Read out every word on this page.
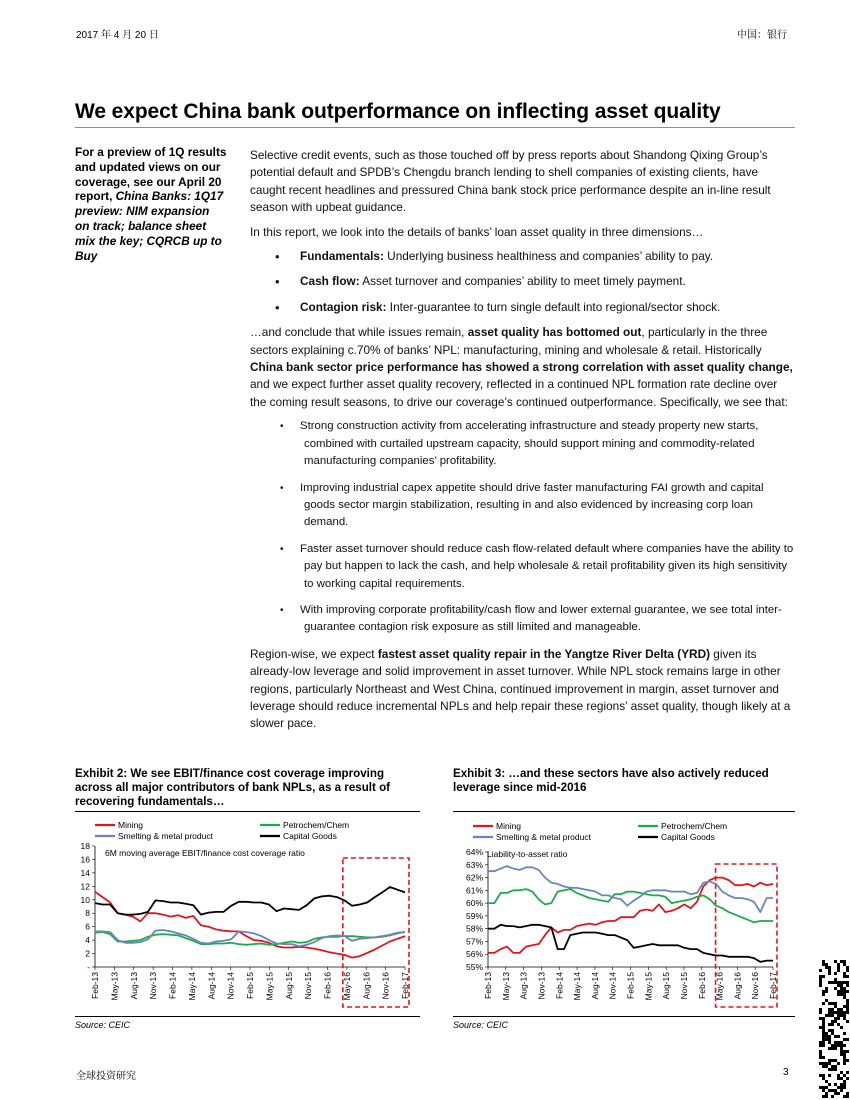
2017 年 4 月 20 日	中国：银行
We expect China bank outperformance on inflecting asset quality
For a preview of 1Q results and updated views on our coverage, see our April 20 report, China Banks: 1Q17 preview: NIM expansion on track; balance sheet mix the key; CQRCB up to Buy

Selective credit events, such as those touched off by press reports about Shandong Qixing Group’s potential default and SPDB’s Chengdu branch lending to shell companies of existing clients, have caught recent headlines and pressured China bank stock price performance despite an in-line result season with upbeat guidance.

In this report, we look into the details of banks’ loan asset quality in three dimensions…

• Fundamentals: Underlying business healthiness and companies’ ability to pay.
• Cash flow: Asset turnover and companies’ ability to meet timely payment.
• Contagion risk: Inter-guarantee to turn single default into regional/sector shock.

…and conclude that while issues remain, asset quality has bottomed out, particularly in the three sectors explaining c.70% of banks’ NPL: manufacturing, mining and wholesale & retail. Historically China bank sector price performance has showed a strong correlation with asset quality change, and we expect further asset quality recovery, reflected in a continued NPL formation rate decline over the coming result seasons, to drive our coverage’s continued outperformance. Specifically, we see that:

• Strong construction activity from accelerating infrastructure and steady property new starts, combined with curtailed upstream capacity, should support mining and commodity-related manufacturing companies’ profitability.
• Improving industrial capex appetite should drive faster manufacturing FAI growth and capital goods sector margin stabilization, resulting in and also evidenced by increasing corp loan demand.
• Faster asset turnover should reduce cash flow-related default where companies have the ability to pay but happen to lack the cash, and help wholesale & retail profitability given its high sensitivity to working capital requirements.
• With improving corporate profitability/cash flow and lower external guarantee, we see total inter-guarantee contagion risk exposure as still limited and manageable.

Region-wise, we expect fastest asset quality repair in the Yangtze River Delta (YRD) given its already-low leverage and solid improvement in asset turnover. While NPL stock remains large in other regions, particularly Northeast and West China, continued improvement in margin, asset turnover and leverage should reduce incremental NPLs and help repair these regions’ asset quality, though likely at a slower pace.

Exhibit 2: We see EBIT/finance cost coverage improving across all major contributors of bank NPLs, as a result of recovering fundamentals…
-
2
4
6
8
10
12
14
16
18
Feb-13 May-13 Aug-13 Nov-13 Feb-14 May-14 Aug-14 Nov-14 Feb-15 May-15 Aug-15 Nov-15 Feb-16 May-16 Aug-16 Nov-16 Feb-17
6M moving average EBIT/finance cost coverage ratio
Mining	Petrochem/Chem
Smelting & metal product	Capital Goods
Source: CEIC
Exhibit 3: …and these sectors have also actively reduced leverage since mid-2016
55%
56%
57%
58%
59%
60%
61%
62%
63%
64%
Feb-13 May-13 Aug-13 Nov-13 Feb-14 May-14 Aug-14 Nov-14 Feb-15 May-15 Aug-15 Nov-15 Feb-16 May-16 Aug-16 Nov-16 Feb-17
Liability-to-asset ratio
Mining	Petrochem/Chem
Smelting & metal product	Capital Goods
Source: CEIC
全球投资研究	3
